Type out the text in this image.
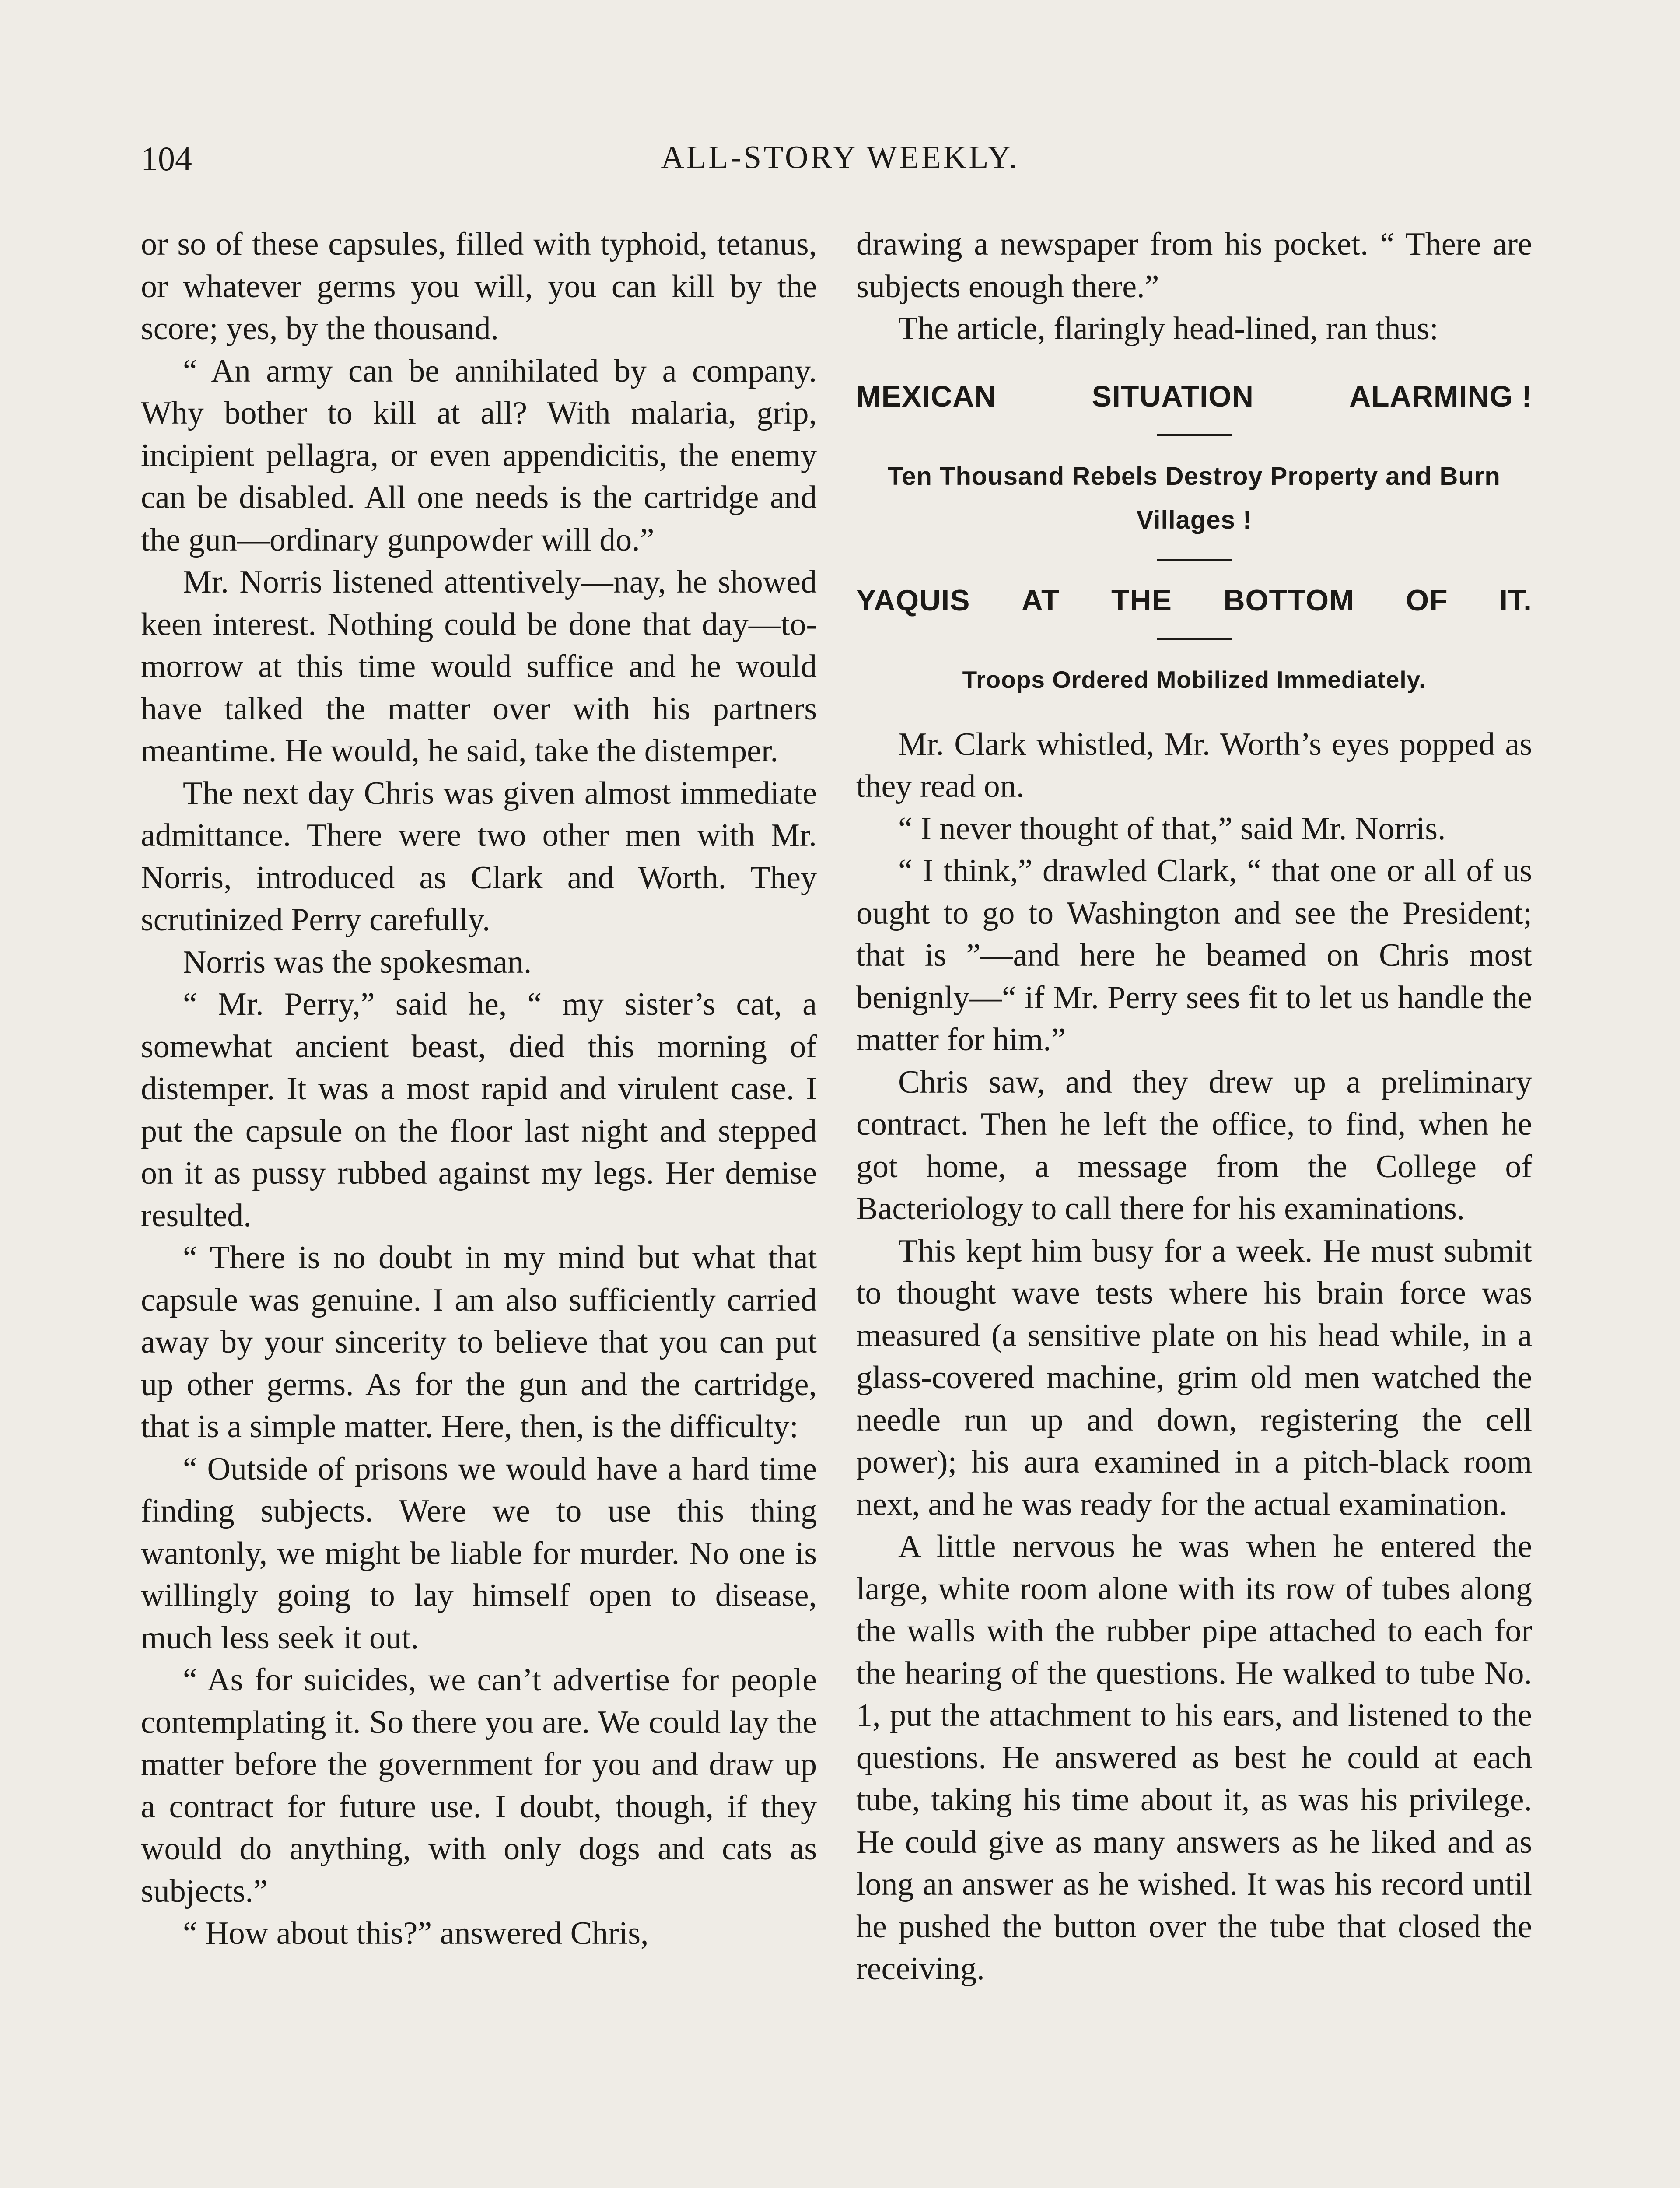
104	ALL-STORY WEEKLY.

or so of these capsules, filled with typhoid, tetanus, or whatever germs you will, you can kill by the score; yes, by the thousand.

“ An army can be annihilated by a company. Why bother to kill at all? With malaria, grip, incipient pellagra, or even appendicitis, the enemy can be disabled. All one needs is the cartridge and the gun—ordinary gunpowder will do.”

Mr. Norris listened attentively—nay, he showed keen interest. Nothing could be done that day—to-morrow at this time would suffice and he would have talked the matter over with his partners meantime. He would, he said, take the distemper.

The next day Chris was given almost immediate admittance. There were two other men with Mr. Norris, introduced as Clark and Worth. They scrutinized Perry carefully.

Norris was the spokesman.

“ Mr. Perry,” said he, “ my sister’s cat, a somewhat ancient beast, died this morning of distemper. It was a most rapid and virulent case. I put the capsule on the floor last night and stepped on it as pussy rubbed against my legs. Her demise resulted.

“ There is no doubt in my mind but what that capsule was genuine. I am also sufficiently carried away by your sincerity to believe that you can put up other germs. As for the gun and the cartridge, that is a simple matter. Here, then, is the difficulty:

“ Outside of prisons we would have a hard time finding subjects. Were we to use this thing wantonly, we might be liable for murder. No one is willingly going to lay himself open to disease, much less seek it out.

“ As for suicides, we can’t advertise for people contemplating it. So there you are. We could lay the matter before the government for you and draw up a contract for future use. I doubt, though, if they would do anything, with only dogs and cats as subjects.”

“ How about this?” answered Chris,

drawing a newspaper from his pocket. “ There are subjects enough there.”

The article, flaringly head-lined, ran thus:

MEXICAN	SITUATION	ALARMING !
Ten Thousand Rebels Destroy Property and Burn Villages !
YAQUIS AT THE BOTTOM OF IT.
Troops Ordered Mobilized Immediately.

Mr. Clark whistled, Mr. Worth’s eyes popped as they read on.

“ I never thought of that,” said Mr. Norris.

“ I think,” drawled Clark, “ that one or all of us ought to go to Washington and see the President; that is ”—and here he beamed on Chris most benignly—“ if Mr. Perry sees fit to let us handle the matter for him.”

Chris saw, and they drew up a preliminary contract. Then he left the office, to find, when he got home, a message from the College of Bacteriology to call there for his examinations.

This kept him busy for a week. He must submit to thought wave tests where his brain force was measured (a sensitive plate on his head while, in a glass-covered machine, grim old men watched the needle run up and down, registering the cell power); his aura examined in a pitch-black room next, and he was ready for the actual examination.

A little nervous he was when he entered the large, white room alone with its row of tubes along the walls with the rubber pipe attached to each for the hearing of the questions. He walked to tube No. 1, put the attachment to his ears, and listened to the questions. He answered as best he could at each tube, taking his time about it, as was his privilege. He could give as many answers as he liked and as long an answer as he wished. It was his record until he pushed the button over the tube that closed the receiving.
